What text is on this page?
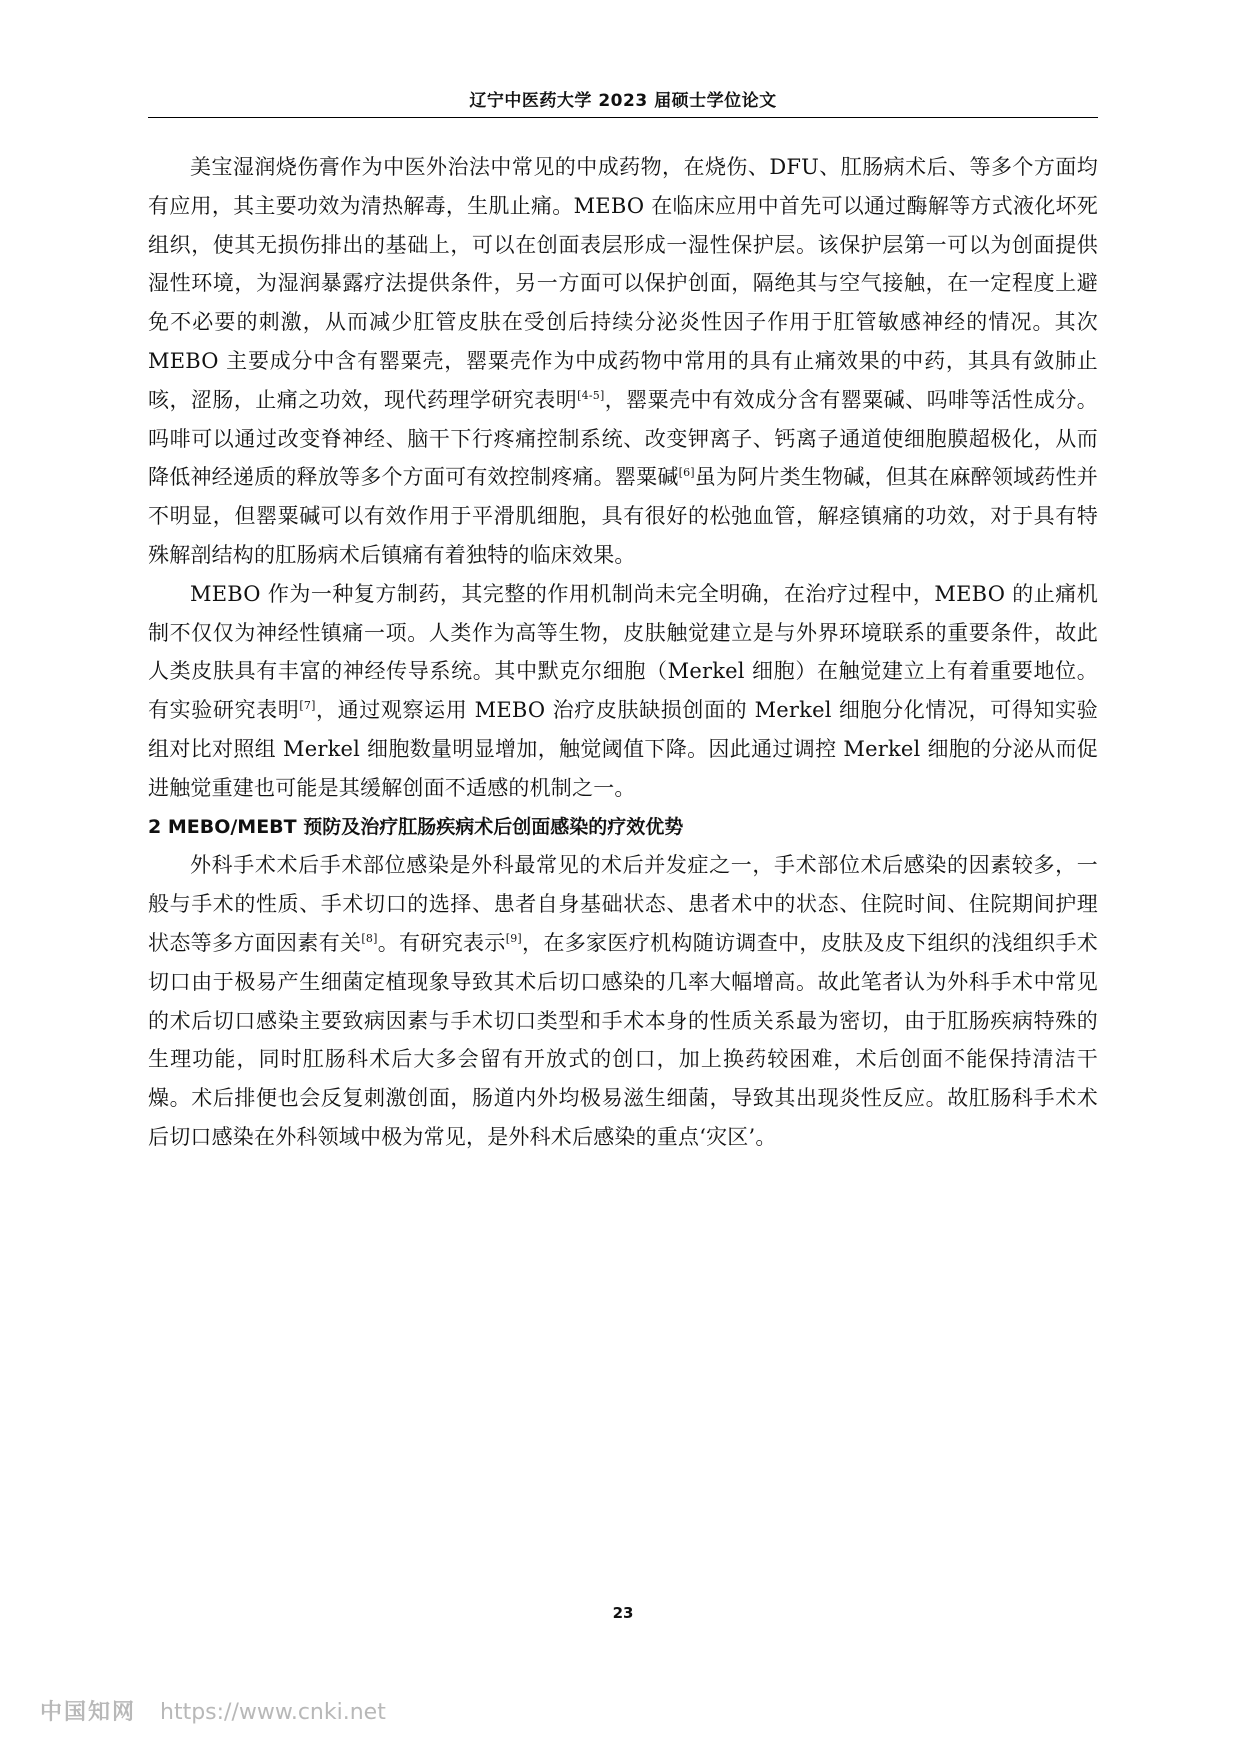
辽宁中医药大学 2023 届硕士学位论文

美宝湿润烧伤膏作为中医外治法中常见的中成药物，在烧伤、DFU、肛肠病术后、等多个方面均有应用，其主要功效为清热解毒，生肌止痛。MEBO 在临床应用中首先可以通过酶解等方式液化坏死组织，使其无损伤排出的基础上，可以在创面表层形成一湿性保护层。该保护层第一可以为创面提供湿性环境，为湿润暴露疗法提供条件，另一方面可以保护创面，隔绝其与空气接触，在一定程度上避免不必要的刺激，从而减少肛管皮肤在受创后持续分泌炎性因子作用于肛管敏感神经的情况。其次 MEBO 主要成分中含有罂粟壳，罂粟壳作为中成药物中常用的具有止痛效果的中药，其具有敛肺止咳，涩肠，止痛之功效，现代药理学研究表明[4-5]，罂粟壳中有效成分含有罂粟碱、吗啡等活性成分。吗啡可以通过改变脊神经、脑干下行疼痛控制系统、改变钾离子、钙离子通道使细胞膜超极化，从而降低神经递质的释放等多个方面可有效控制疼痛。罂粟碱[6]虽为阿片类生物碱，但其在麻醉领域药性并不明显，但罂粟碱可以有效作用于平滑肌细胞，具有很好的松弛血管，解痉镇痛的功效，对于具有特殊解剖结构的肛肠病术后镇痛有着独特的临床效果。

MEBO 作为一种复方制药，其完整的作用机制尚未完全明确，在治疗过程中，MEBO 的止痛机制不仅仅为神经性镇痛一项。人类作为高等生物，皮肤触觉建立是与外界环境联系的重要条件，故此人类皮肤具有丰富的神经传导系统。其中默克尔细胞（Merkel 细胞）在触觉建立上有着重要地位。有实验研究表明[7]，通过观察运用 MEBO 治疗皮肤缺损创面的 Merkel 细胞分化情况，可得知实验组对比对照组 Merkel 细胞数量明显增加，触觉阈值下降。因此通过调控 Merkel 细胞的分泌从而促进触觉重建也可能是其缓解创面不适感的机制之一。

2 MEBO/MEBT 预防及治疗肛肠疾病术后创面感染的疗效优势

外科手术术后手术部位感染是外科最常见的术后并发症之一，手术部位术后感染的因素较多，一般与手术的性质、手术切口的选择、患者自身基础状态、患者术中的状态、住院时间、住院期间护理状态等多方面因素有关[8]。有研究表示[9]，在多家医疗机构随访调查中，皮肤及皮下组织的浅组织手术切口由于极易产生细菌定植现象导致其术后切口感染的几率大幅增高。故此笔者认为外科手术中常见的术后切口感染主要致病因素与手术切口类型和手术本身的性质关系最为密切，由于肛肠疾病特殊的生理功能，同时肛肠科术后大多会留有开放式的创口，加上换药较困难，术后创面不能保持清洁干燥。术后排便也会反复刺激创面，肠道内外均极易滋生细菌，导致其出现炎性反应。故肛肠科手术术后切口感染在外科领域中极为常见，是外科术后感染的重点‘灾区’。

23
中国知网 https://www.cnki.net
